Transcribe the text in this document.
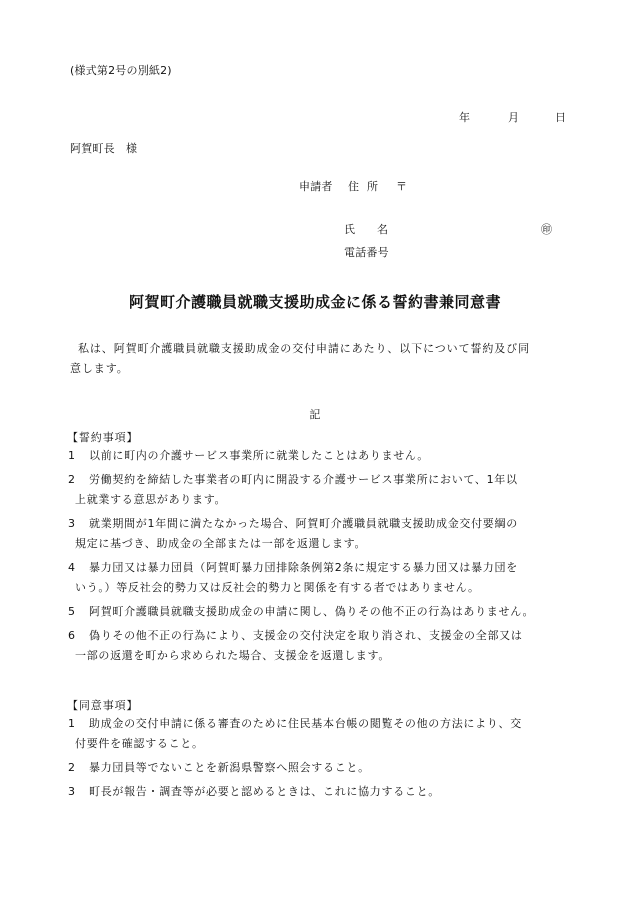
(様式第2号の別紙2)
年	月	日
阿賀町長　様
申請者 住所 〒
氏名	㊞
電話番号
阿賀町介護職員就職支援助成金に係る誓約書兼同意書
私は、阿賀町介護職員就職支援助成金の交付申請にあたり、以下について誓約及び同
意します。
記
【誓約事項】
1 以前に町内の介護サービス事業所に就業したことはありません。
2 労働契約を締結した事業者の町内に開設する介護サービス事業所において、1年以
上就業する意思があります。
3 就業期間が1年間に満たなかった場合、阿賀町介護職員就職支援助成金交付要綱の
規定に基づき、助成金の全部または一部を返還します。
4 暴力団又は暴力団員（阿賀町暴力団排除条例第2条に規定する暴力団又は暴力団を
いう。）等反社会的勢力又は反社会的勢力と関係を有する者ではありません。
5 阿賀町介護職員就職支援助成金の申請に関し、偽りその他不正の行為はありません。
6 偽りその他不正の行為により、支援金の交付決定を取り消され、支援金の全部又は
一部の返還を町から求められた場合、支援金を返還します。
【同意事項】
1 助成金の交付申請に係る審査のために住民基本台帳の閲覧その他の方法により、交
付要件を確認すること。
2 暴力団員等でないことを新潟県警察へ照会すること。
3 町長が報告・調査等が必要と認めるときは、これに協力すること。
